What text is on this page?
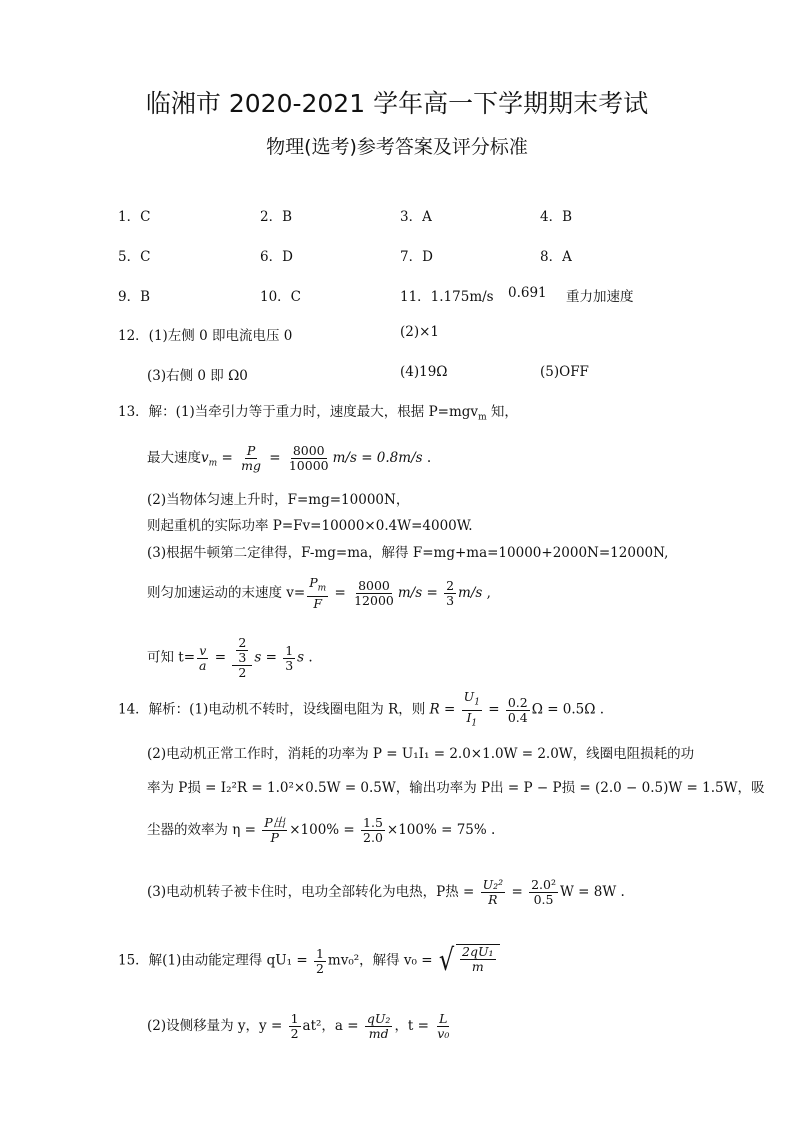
临湘市 2020-2021 学年高一下学期期末考试
物理(选考)参考答案及评分标准
1．C	2．B	3．A	4．B
5．C	6．D	7．D	8．A
9．B	10．C	11．1.175m/s 0.691 重力加速度
12．(1)左侧 0 即电流电压 0	(2)×1
(3)右侧 0 即 Ω0	(4)19Ω	(5)OFF
13．解：(1)当牵引力等于重力时，速度最大，根据 P=mgv$_m$ 知，
最大速度$v_m = \frac{P}{mg} = \frac{8000}{10000} m/s = 0.8m/s$ .
(2)当物体匀速上升时，F=mg=10000N，
则起重机的实际功率 P=Fv=10000×0.4W=4000W.
(3)根据牛顿第二定律得，F-mg=ma，解得 F=mg+ma=10000+2000N=12000N,
则匀加速运动的末速度 $v= \frac{P_m}{F} = \frac{8000}{12000} m/s = \frac{2}{3} m/s$ ,
可知 $t= \frac{v}{a} = \frac{\frac{2}{3}}{2}$ $s = \frac{1}{3}$ s .
14．解析：(1)电动机不转时，设线圈电阻为 R，则 $R = \frac{U_1}{I_1} = \frac{0.2}{0.4}$ Ω = 0.5Ω .
(2)电动机正常工作时，消耗的功率为 P = U₁I₁ = 2.0×1.0W = 2.0W，线圈电阻损耗的功
率为 P损 = I₂²R = 1.0²×0.5W = 0.5W，输出功率为 P出 = P − P损 = (2.0 − 0.5)W = 1.5W，吸
尘器的效率为 $\eta = \frac{\text{P出}}{P} \times 100\% = \frac{1.5}{2.0} \times 100\% = 75\%$ .
(3)电动机转子被卡住时，电功全部转化为电热，P热 = $\frac{\text{U₂²}}{R} = \frac{\text{2.0²}}{0.5}$ W = 8W .
15．解(1)由动能定理得 $qU_1 = \frac{1}{2} mv_0^2$，解得 v₀ = √ $\frac{\text{2qU₁}}{m}$
(2)设侧移量为 y，$y = \frac{1}{2} at^2$，$a = \frac{\text{qU₂}}{md}$ ，$t = \frac{L}{\text{v₀}}$
